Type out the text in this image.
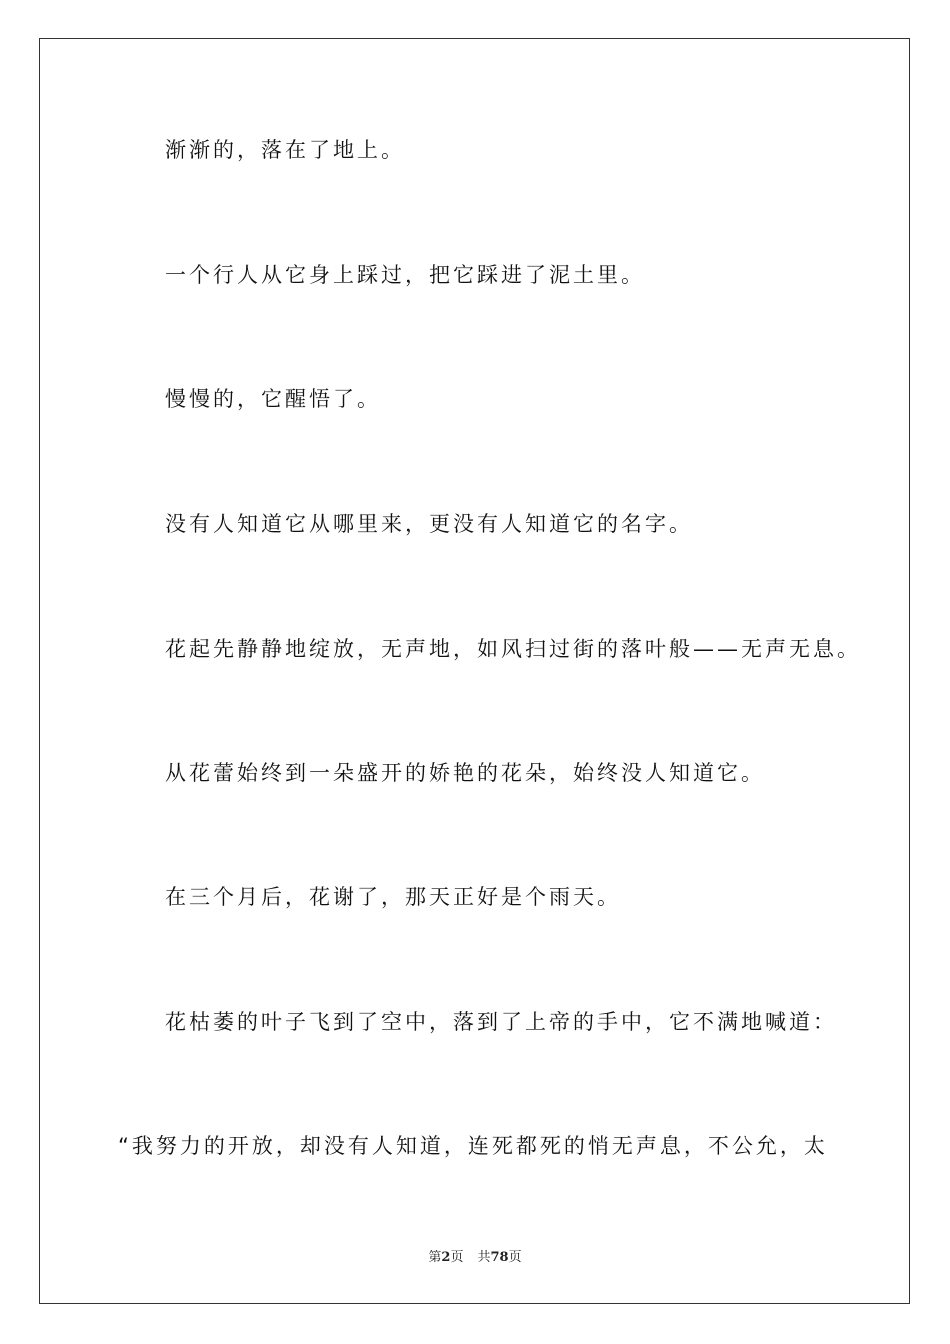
渐渐的，落在了地上。
一个行人从它身上踩过，把它踩进了泥土里。
慢慢的，它醒悟了。
没有人知道它从哪里来，更没有人知道它的名字。
花起先静静地绽放，无声地，如风扫过街的落叶般——无声无息。
从花蕾始终到一朵盛开的娇艳的花朵，始终没人知道它。
在三个月后，花谢了，那天正好是个雨天。
花枯萎的叶子飞到了空中，落到了上帝的手中，它不满地喊道：
“我努力的开放，却没有人知道，连死都死的悄无声息，不公允，太
第2页 共78页
